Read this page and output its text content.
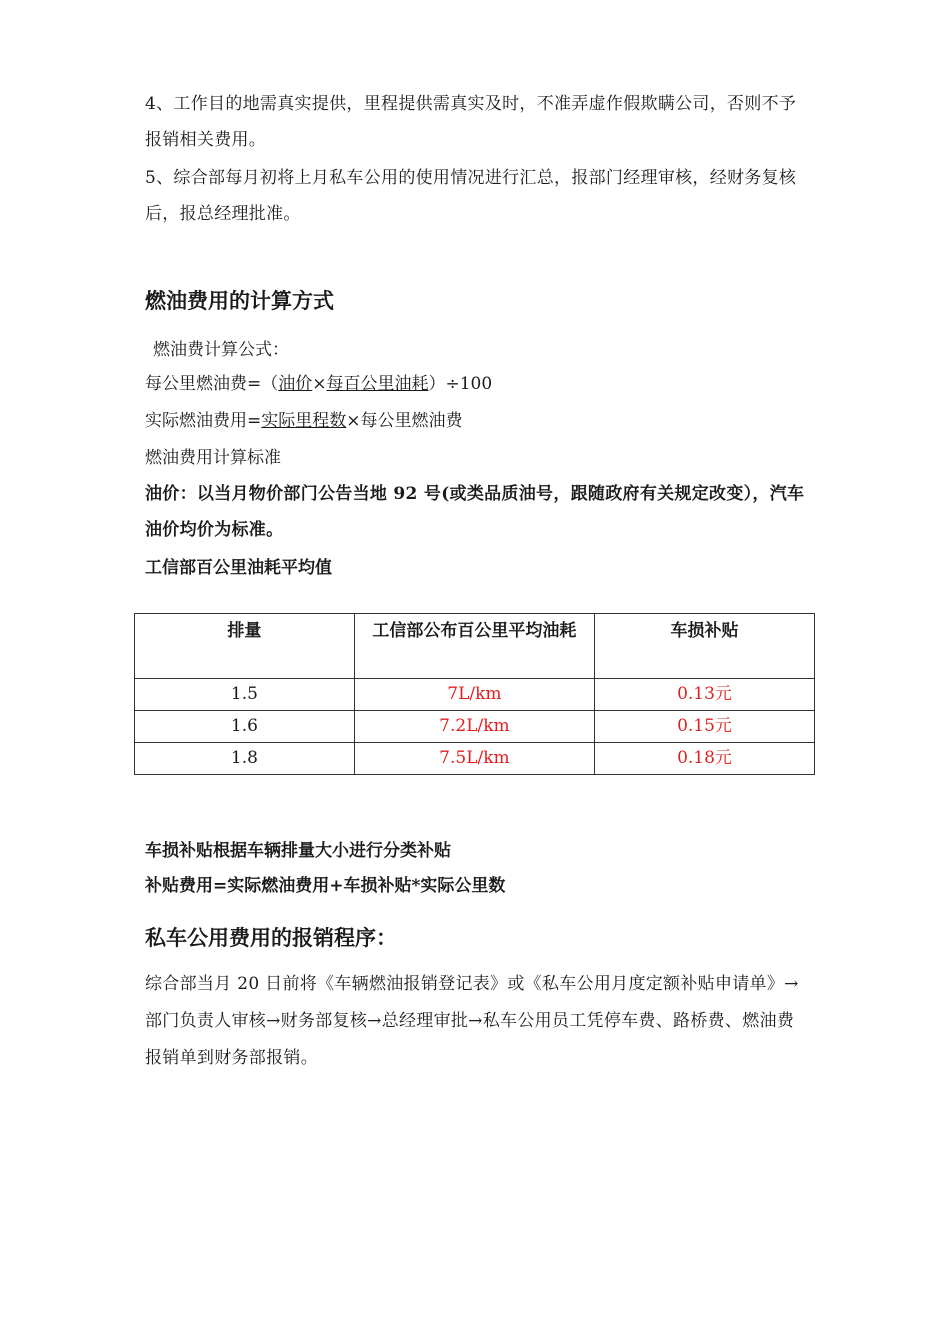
4、工作目的地需真实提供，里程提供需真实及时，不准弄虚作假欺瞒公司，否则不予报销相关费用。
5、综合部每月初将上月私车公用的使用情况进行汇总，报部门经理审核，经财务复核后，报总经理批准。
燃油费用的计算方式
燃油费计算公式：
每公里燃油费=（油价×每百公里油耗）÷100
实际燃油费用=实际里程数×每公里燃油费
燃油费用计算标准
油价：以当月物价部门公告当地 92 号(或类品质油号，跟随政府有关规定改变），汽车油价均价为标准。
工信部百公里油耗平均值
排量	工信部公布百公里平均油耗	车损补贴
1.5	7L/km	0.13元
1.6	7.2L/km	0.15元
1.8	7.5L/km	0.18元
车损补贴根据车辆排量大小进行分类补贴
补贴费用=实际燃油费用+车损补贴*实际公里数
私车公用费用的报销程序：
综合部当月 20 日前将《车辆燃油报销登记表》或《私车公用月度定额补贴申请单》→部门负责人审核→财务部复核→总经理审批→私车公用员工凭停车费、路桥费、燃油费报销单到财务部报销。
